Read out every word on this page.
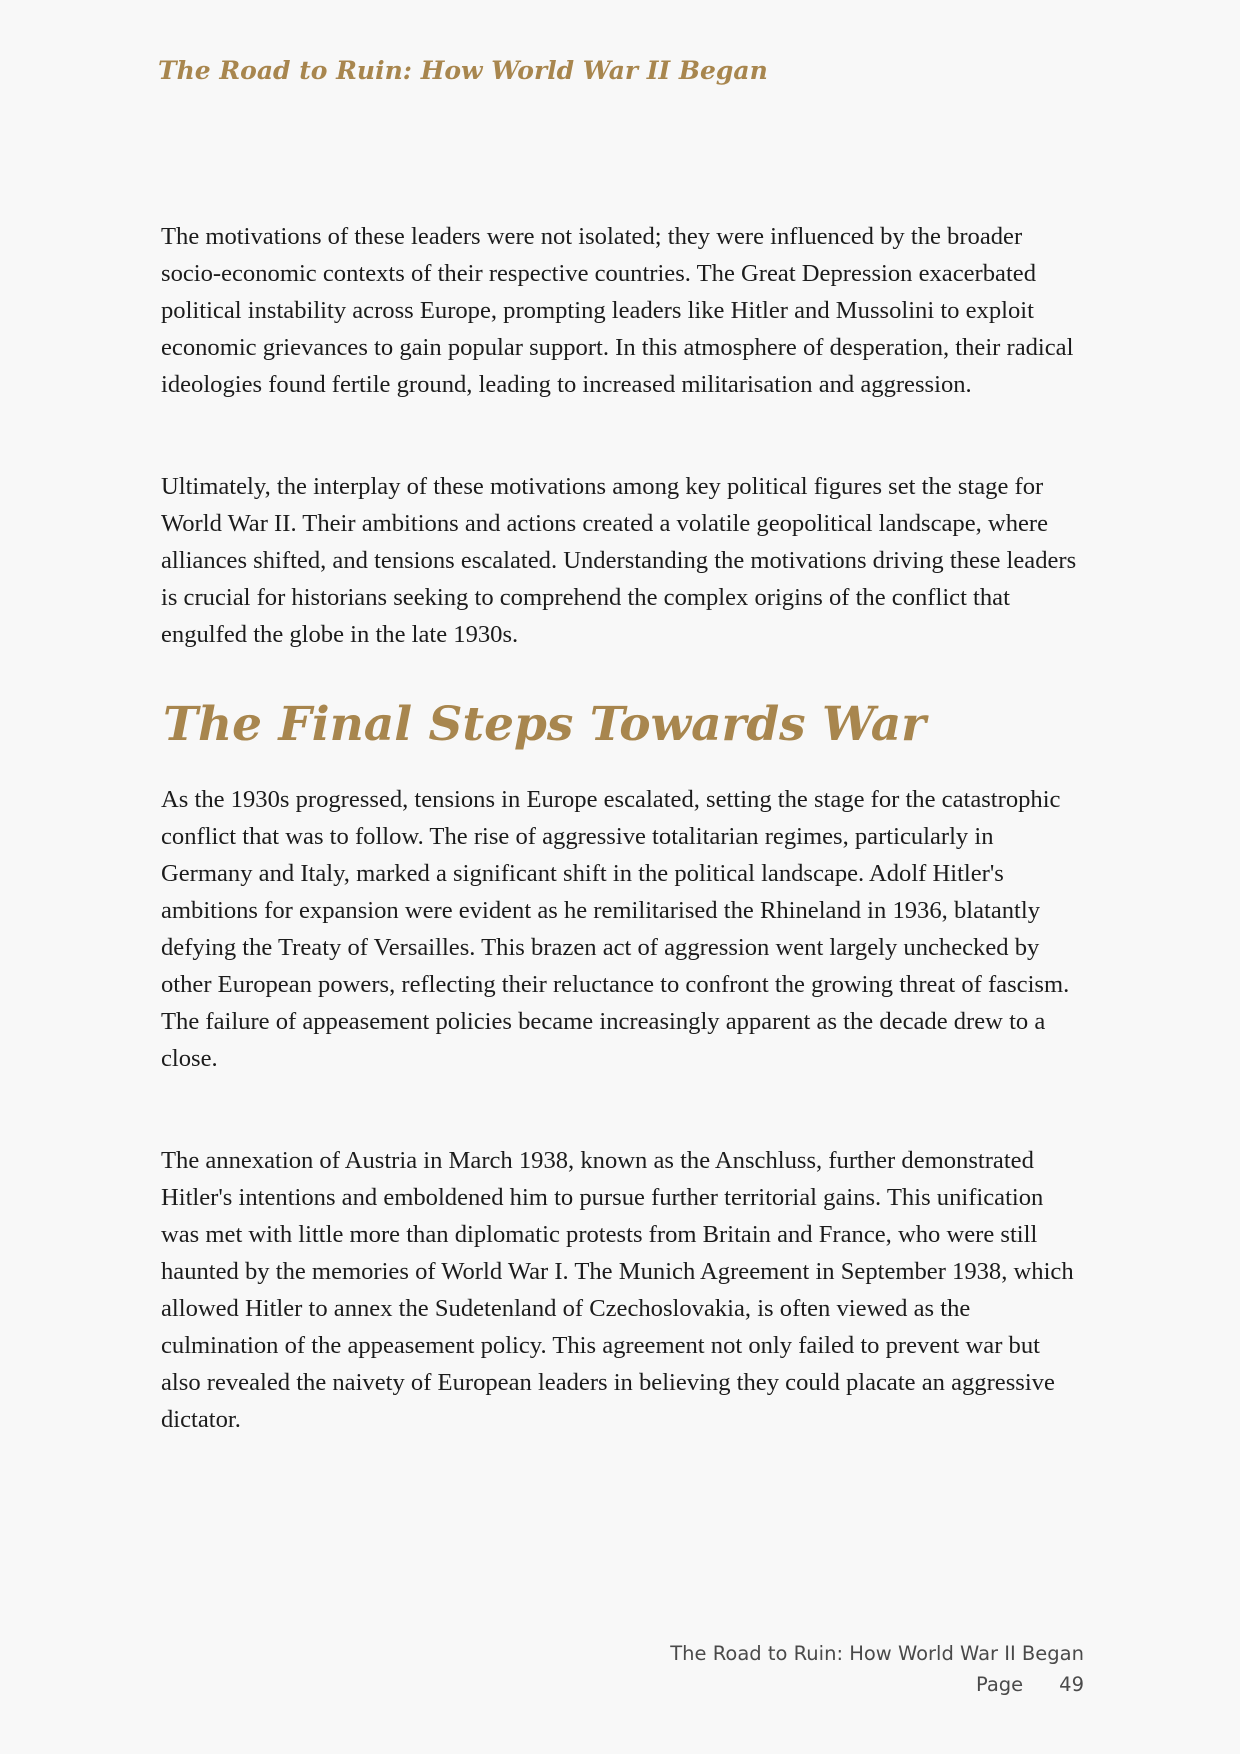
The Road to Ruin: How World War II Began

The motivations of these leaders were not isolated; they were influenced by the broader socio-economic contexts of their respective countries. The Great Depression exacerbated political instability across Europe, prompting leaders like Hitler and Mussolini to exploit economic grievances to gain popular support. In this atmosphere of desperation, their radical ideologies found fertile ground, leading to increased militarisation and aggression.

Ultimately, the interplay of these motivations among key political figures set the stage for World War II. Their ambitions and actions created a volatile geopolitical landscape, where alliances shifted, and tensions escalated. Understanding the motivations driving these leaders is crucial for historians seeking to comprehend the complex origins of the conflict that engulfed the globe in the late 1930s.

The Final Steps Towards War

As the 1930s progressed, tensions in Europe escalated, setting the stage for the catastrophic conflict that was to follow. The rise of aggressive totalitarian regimes, particularly in Germany and Italy, marked a significant shift in the political landscape. Adolf Hitler's ambitions for expansion were evident as he remilitarised the Rhineland in 1936, blatantly defying the Treaty of Versailles. This brazen act of aggression went largely unchecked by other European powers, reflecting their reluctance to confront the growing threat of fascism. The failure of appeasement policies became increasingly apparent as the decade drew to a close.

The annexation of Austria in March 1938, known as the Anschluss, further demonstrated Hitler's intentions and emboldened him to pursue further territorial gains. This unification was met with little more than diplomatic protests from Britain and France, who were still haunted by the memories of World War I. The Munich Agreement in September 1938, which allowed Hitler to annex the Sudetenland of Czechoslovakia, is often viewed as the culmination of the appeasement policy. This agreement not only failed to prevent war but also revealed the naivety of European leaders in believing they could placate an aggressive dictator.

The Road to Ruin: How World War II Began
Page 49
